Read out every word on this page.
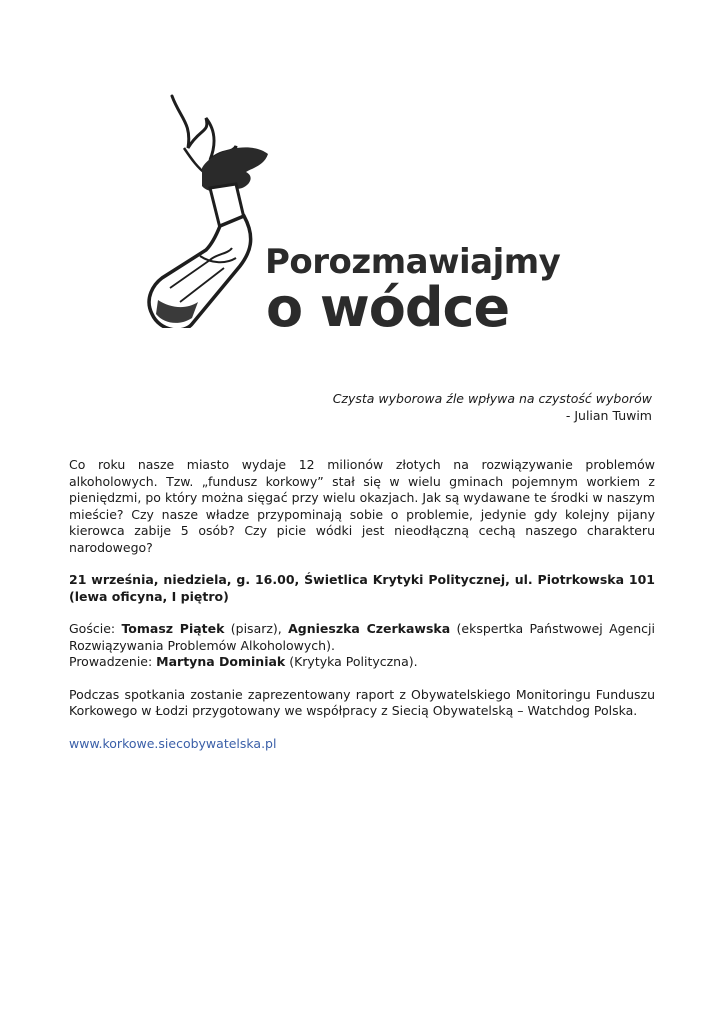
Porozmawiajmy
o wódce
Czysta wyborowa źle wpływa na czystość wyborów
- Julian Tuwim

Co roku nasze miasto wydaje 12 milionów złotych na rozwiązywanie problemów alkoholowych. Tzw. „fundusz korkowy” stał się w wielu gminach pojemnym workiem z pieniędzmi, po który można sięgać przy wielu okazjach. Jak są wydawane te środki w naszym mieście? Czy nasze władze przypominają sobie o problemie, jedynie gdy kolejny pijany kierowca zabije 5 osób? Czy picie wódki jest nieodłączną cechą naszego charakteru narodowego?

21 września, niedziela, g. 16.00, Świetlica Krytyki Politycznej, ul. Piotrkowska 101 (lewa oficyna, I piętro)

Goście: Tomasz Piątek (pisarz), Agnieszka Czerkawska (ekspertka Państwowej Agencji Rozwiązywania Problemów Alkoholowych).
Prowadzenie: Martyna Dominiak (Krytyka Polityczna).

Podczas spotkania zostanie zaprezentowany raport z Obywatelskiego Monitoringu Funduszu Korkowego w Łodzi przygotowany we współpracy z Siecią Obywatelską – Watchdog Polska.

www.korkowe.siecobywatelska.pl
